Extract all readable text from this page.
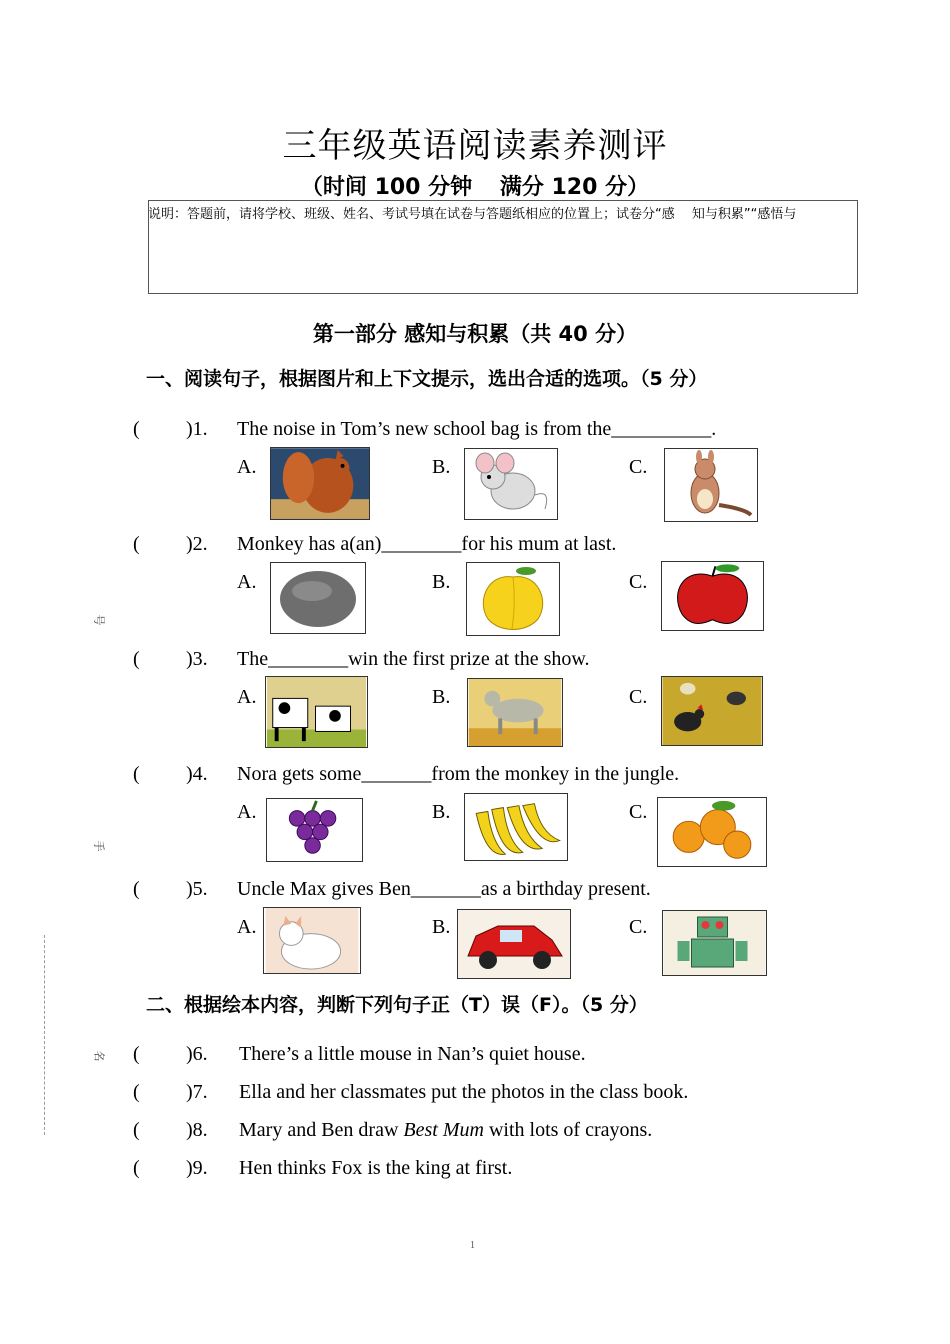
三年级英语阅读素养测评
（时间 100 分钟 满分 120 分）
说明：答题前，请将学校、班级、姓名、考试号填在试卷与答题纸相应的位置上；试卷分“感　 知与积累”“感悟与
第一部分 感知与积累（共 40 分）
一、阅读句子，根据图片和上下文提示，选出合适的选项。（5 分）
( )1. The noise in Tom’s new school bag is from the__________.
A.	B.	C.
( )2. Monkey has a(an)________for his mum at last.
A.	B.	C.
( )3. The________win the first prize at the show.
A.	B.	C.
( )4. Nora gets some_______from the monkey in the jungle.
A.	B.	C.
( )5. Uncle Max gives Ben_______as a birthday present.
A.	B.	C.
二、根据绘本内容，判断下列句子正（T）误（F）。（5 分）
( )6. There’s a little mouse in Nan’s quiet house.
( )7. Ella and her classmates put the photos in the class book.
( )8. Mary and Ben draw Best Mum with lots of crayons.
( )9. Hen thinks Fox is the king at first.
号
手
名
1
